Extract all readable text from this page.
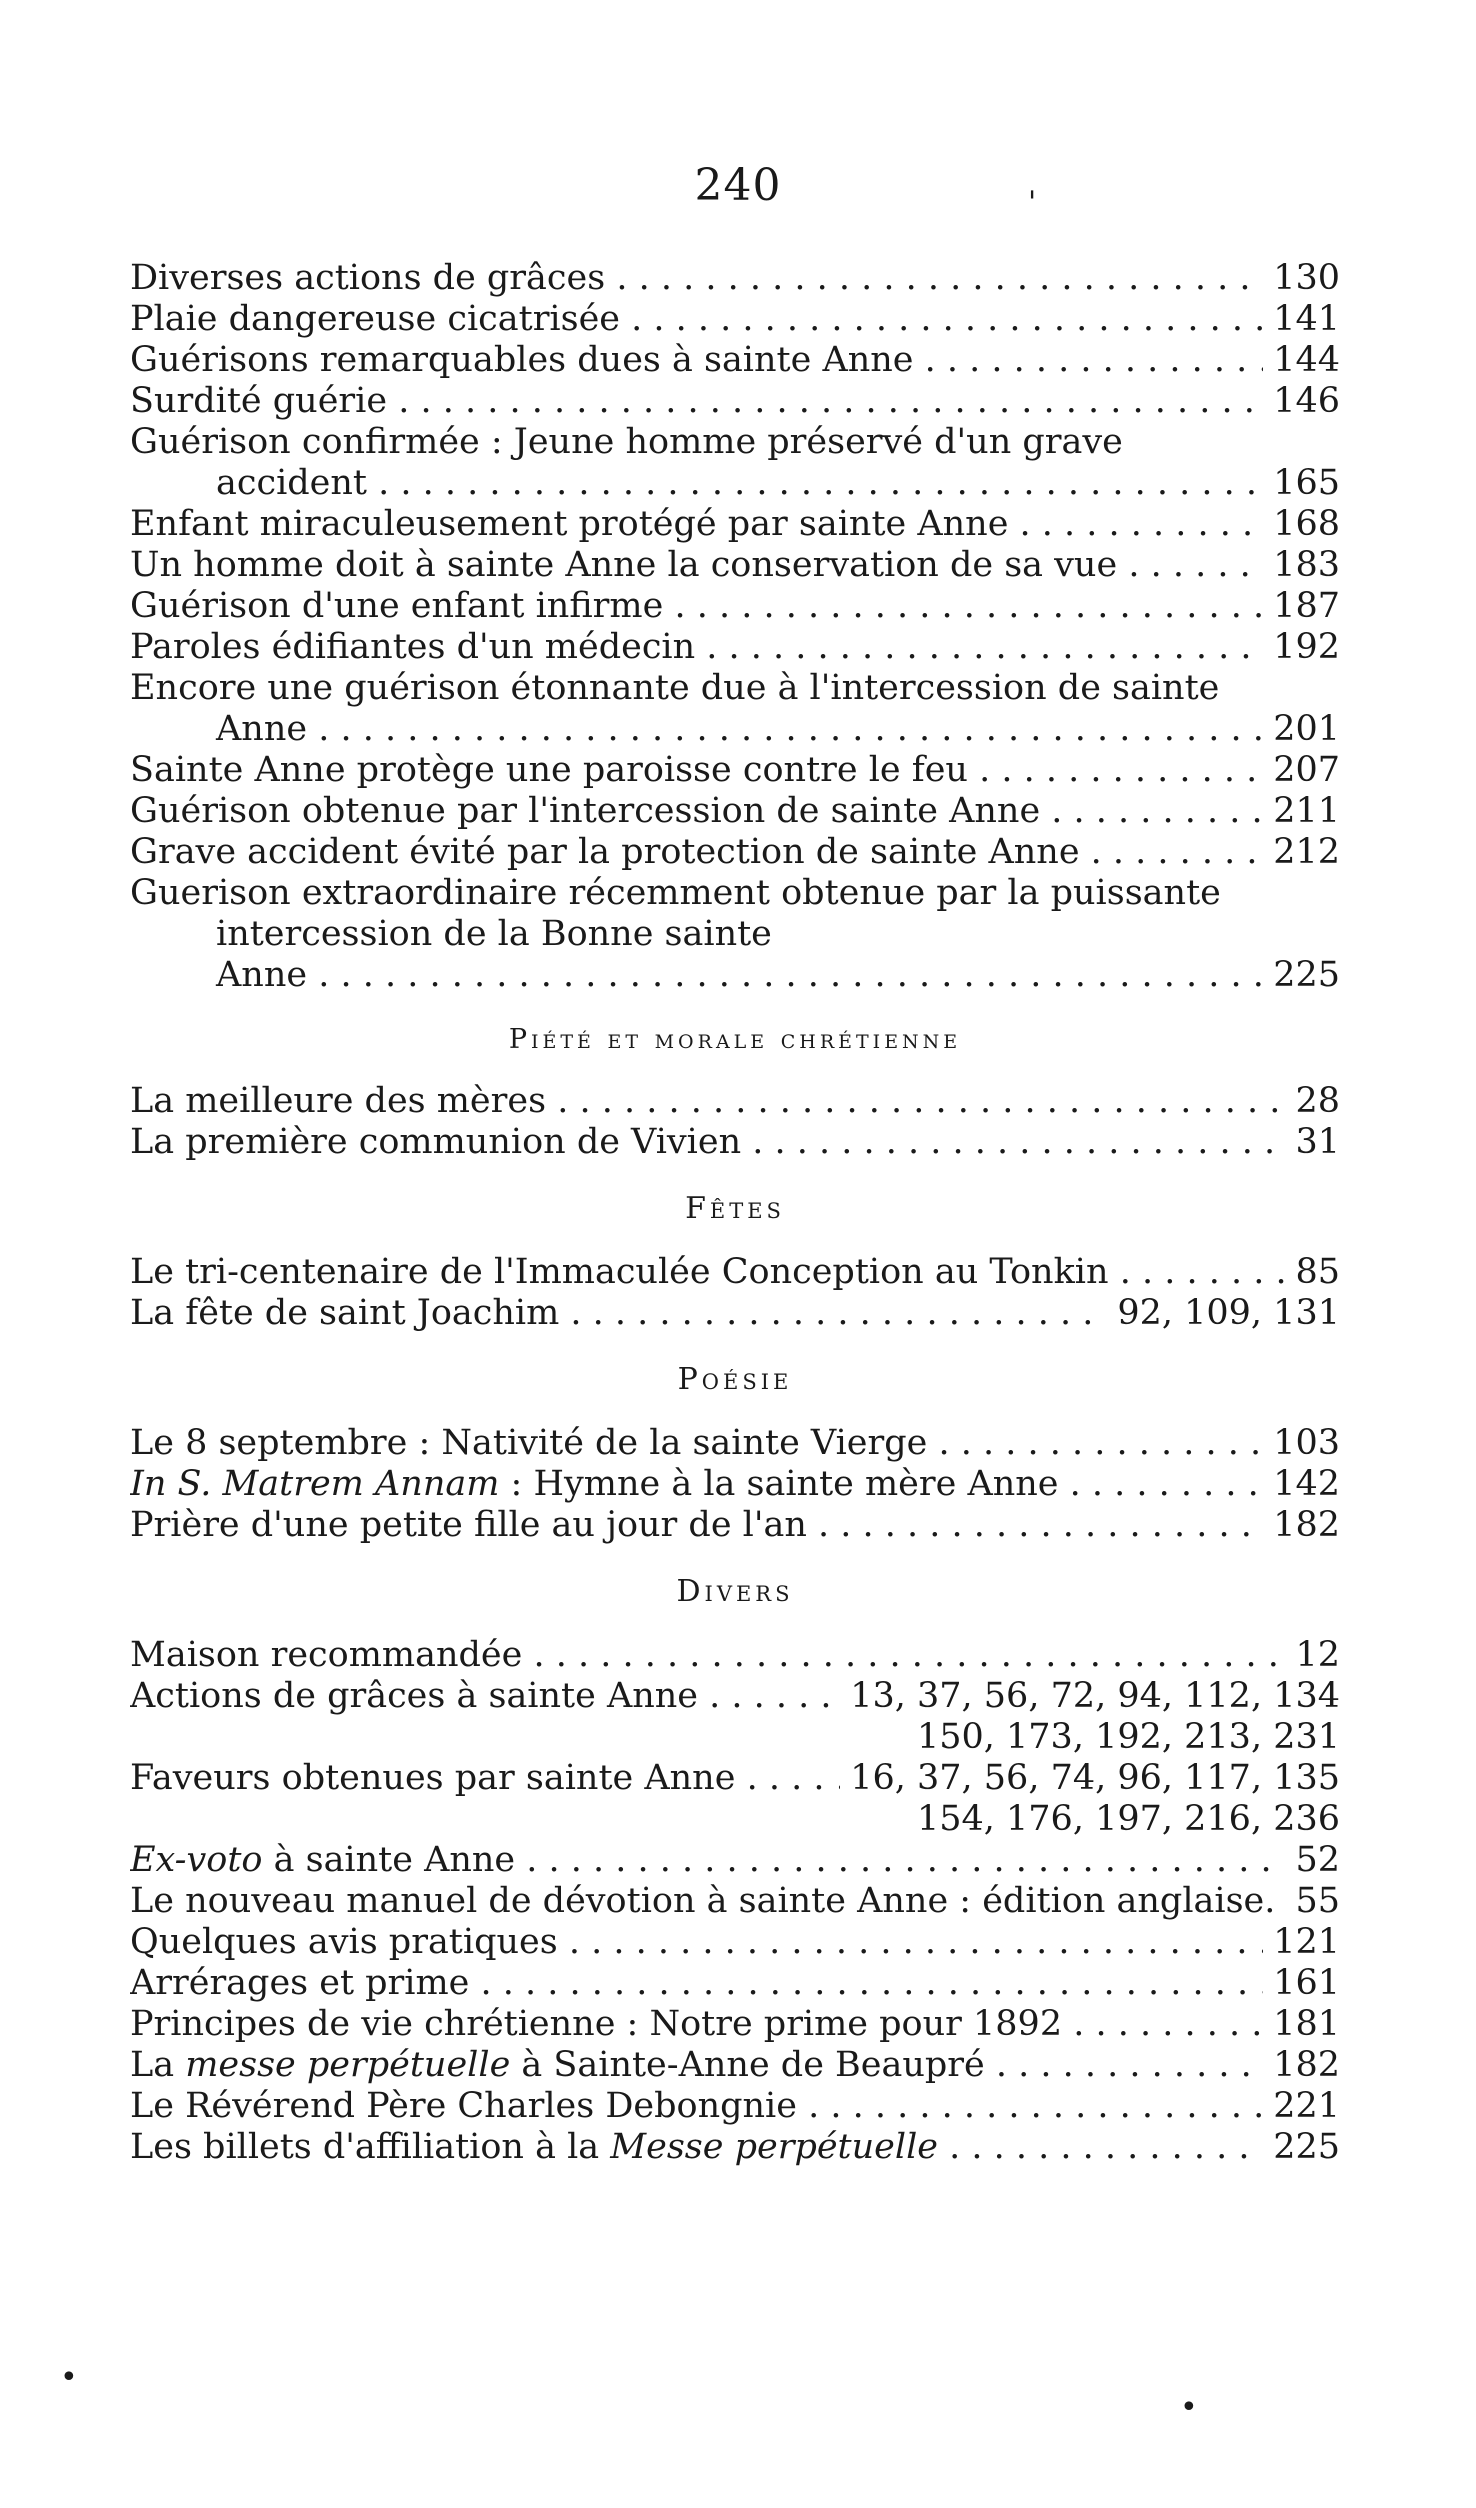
240	'
Diverses actions de grâces . . .	130
Plaie dangereuse cicatrisée . . .	141
Guérisons remarquables dues à sainte Anne . . .	144
Surdité guérie . . .	146
Guérison confirmée : Jeune homme préservé d'un grave accident . . .	165
Enfant miraculeusement protégé par sainte Anne . . .	168
Un homme doit à sainte Anne la conservation de sa vue . . .	183
Guérison d'une enfant infirme . . .	187
Paroles édifiantes d'un médecin . . .	192
Encore une guérison étonnante due à l'intercession de sainte Anne . . .	201
Sainte Anne protège une paroisse contre le feu . . .	207
Guérison obtenue par l'intercession de sainte Anne . . .	211
Grave accident évité par la protection de sainte Anne . . .	212
Guerison extraordinaire récemment obtenue par la puissante intercession de la Bonne sainte Anne . . .	225
Piété et morale chrétienne
La meilleure des mères . . .	28
La première communion de Vivien . . .	31
Fêtes
Le tri-centenaire de l'Immaculée Conception au Tonkin . . .	85
La fête de saint Joachim . . .	92, 109, 131
Poésie
Le 8 septembre : Nativité de la sainte Vierge . . .	103
In S. Matrem Annam : Hymne à la sainte mère Anne . . .	142
Prière d'une petite fille au jour de l'an . . .	182
Divers
Maison recommandée . . .	12
Actions de grâces à sainte Anne . . .	13, 37, 56, 72, 94, 112, 134
150, 173, 192, 213, 231
Faveurs obtenues par sainte Anne . . .	16, 37, 56, 74, 96, 117, 135
154, 176, 197, 216, 236
Ex-voto à sainte Anne . . .	52
Le nouveau manuel de dévotion à sainte Anne : édition anglaise. 55
Quelques avis pratiques . . .	121
Arrérages et prime . . .	161
Principes de vie chrétienne : Notre prime pour 1892 . . .	181
La messe perpétuelle à Sainte-Anne de Beaupré . . .	182
Le Révérend Père Charles Debongnie . . .	221
Les billets d'affiliation à la Messe perpétuelle . . .	225
•
•
